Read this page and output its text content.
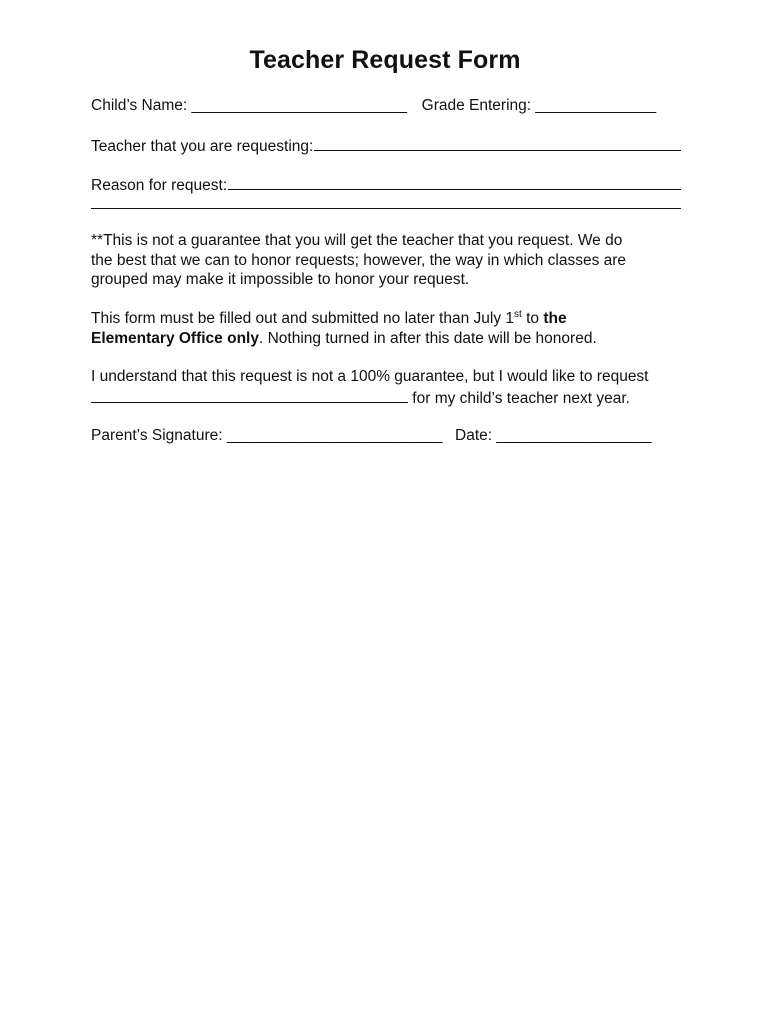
Teacher Request Form
Child’s Name: _________________________ Grade Entering: ______________
Teacher that you are requesting:
Reason for request:
**This is not a guarantee that you will get the teacher that you request. We do
the best that we can to honor requests; however, the way in which classes are
grouped may make it impossible to honor your request.
This form must be filled out and submitted no later than July 1st to the
Elementary Office only. Nothing turned in after this date will be honored.
I understand that this request is not a 100% guarantee, but I would like to request
for my child’s teacher next year.
Parent’s Signature: _________________________ Date: __________________
